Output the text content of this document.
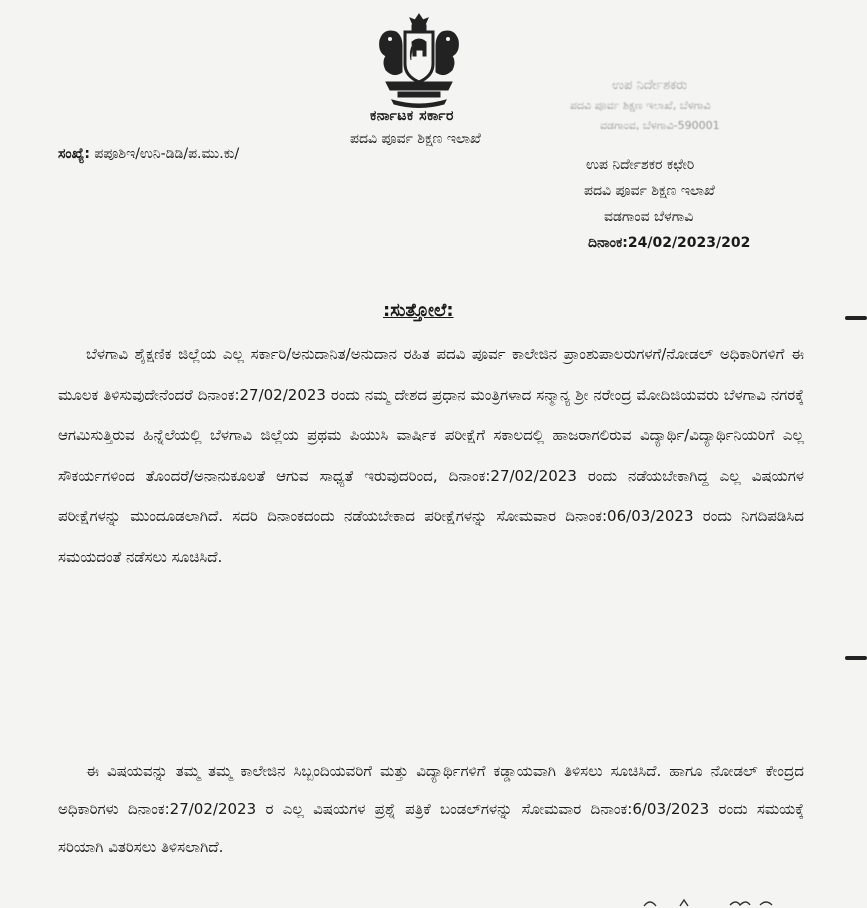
ಕರ್ನಾಟಕ ಸರ್ಕಾರ
ಪದವಿ ಪೂರ್ವ ಶಿಕ್ಷಣ ಇಲಾಖೆ
ಸಂಖ್ಯೆ: ಪಪೂಶಿಇ/ಉನಿ-ಡಿಡಿ/ಪ.ಮು.ಕು/
ಉಪ ನಿರ್ದೇಶಕರು
ಪದವಿ ಪೂರ್ವ ಶಿಕ್ಷಣ ಇಲಾಖೆ, ಬೆಳಗಾವಿ
ವಡಗಾಂವ, ಬೆಳಗಾವಿ-590001
ಉಪ ನಿರ್ದೇಶಕರ ಕಛೇರಿ
ಪದವಿ ಪೂರ್ವ ಶಿಕ್ಷಣ ಇಲಾಖೆ
ವಡಗಾಂವ ಬೆಳಗಾವಿ
ದಿನಾಂಕ:24/02/2023/202
:ಸುತ್ತೋಲೆ:
ಬೆಳಗಾವಿ ಶೈಕ್ಷಣಿಕ ಜಿಲ್ಲೆಯ ಎಲ್ಲ ಸರ್ಕಾರಿ/ಅನುದಾನಿತ/ಅನುದಾನ ರಹಿತ ಪದವಿ ಪೂರ್ವ ಕಾಲೇಜಿನ ಪ್ರಾಂಶುಪಾಲರುಗಳಗೆ/ನೋಡಲ್ ಅಧಿಕಾರಿಗಳಿಗೆ ಈ ಮೂಲಕ ತಿಳಿಸುವುದೇನೆಂದರೆ ದಿನಾಂಕ:27/02/2023 ರಂದು ನಮ್ಮ ದೇಶದ ಪ್ರಧಾನ ಮಂತ್ರಿಗಳಾದ ಸನ್ಮಾನ್ಯ ಶ್ರೀ ನರೇಂದ್ರ ಮೋದಿಜಿಯವರು ಬೆಳಗಾವಿ ನಗರಕ್ಕೆ ಆಗಮಿಸುತ್ತಿರುವ ಹಿನ್ನೆಲೆಯಲ್ಲಿ ಬೆಳಗಾವಿ ಜಿಲ್ಲೆಯ ಪ್ರಥಮ ಪಿಯುಸಿ ವಾರ್ಷಿಕ ಪರೀಕ್ಷೆಗೆ ಸಕಾಲದಲ್ಲಿ ಹಾಜರಾಗಲಿರುವ ವಿದ್ಯಾರ್ಥಿ/ವಿದ್ಯಾರ್ಥಿನಿಯರಿಗೆ ಎಲ್ಲ ಸೌಕರ್ಯಗಳಿಂದ ತೊಂದರೆ/ಅನಾನುಕೂಲತೆ ಆಗುವ ಸಾಧ್ಯತೆ ಇರುವುದರಿಂದ, ದಿನಾಂಕ:27/02/2023 ರಂದು ನಡೆಯಬೇಕಾಗಿದ್ದ ಎಲ್ಲ ವಿಷಯಗಳ ಪರೀಕ್ಷೆಗಳನ್ನು ಮುಂದೂಡಲಾಗಿದೆ. ಸದರಿ ದಿನಾಂಕದಂದು ನಡೆಯಬೇಕಾದ ಪರೀಕ್ಷೆಗಳನ್ನು ಸೋಮವಾರ ದಿನಾಂಕ:06/03/2023 ರಂದು ನಿಗದಿಪಡಿಸಿದ ಸಮಯದಂತೆ ನಡೆಸಲು ಸೂಚಿಸಿದೆ.
ಈ ವಿಷಯವನ್ನು ತಮ್ಮ ತಮ್ಮ ಕಾಲೇಜಿನ ಸಿಬ್ಬಂದಿಯವರಿಗೆ ಮತ್ತು ವಿದ್ಯಾರ್ಥಿಗಳಿಗೆ ಕಡ್ಡಾಯವಾಗಿ ತಿಳಿಸಲು ಸೂಚಿಸಿದೆ. ಹಾಗೂ ನೋಡಲ್ ಕೇಂದ್ರದ ಅಧಿಕಾರಿಗಳು ದಿನಾಂಕ:27/02/2023 ರ ಎಲ್ಲ ವಿಷಯಗಳ ಪ್ರಶ್ನೆ ಪತ್ರಿಕೆ ಬಂಡಲ್‌ಗಳನ್ನು ಸೋಮವಾರ ದಿನಾಂಕ:6/03/2023 ರಂದು ಸಮಯಕ್ಕೆ ಸರಿಯಾಗಿ ವಿತರಿಸಲು ತಿಳಿಸಲಾಗಿದೆ.
